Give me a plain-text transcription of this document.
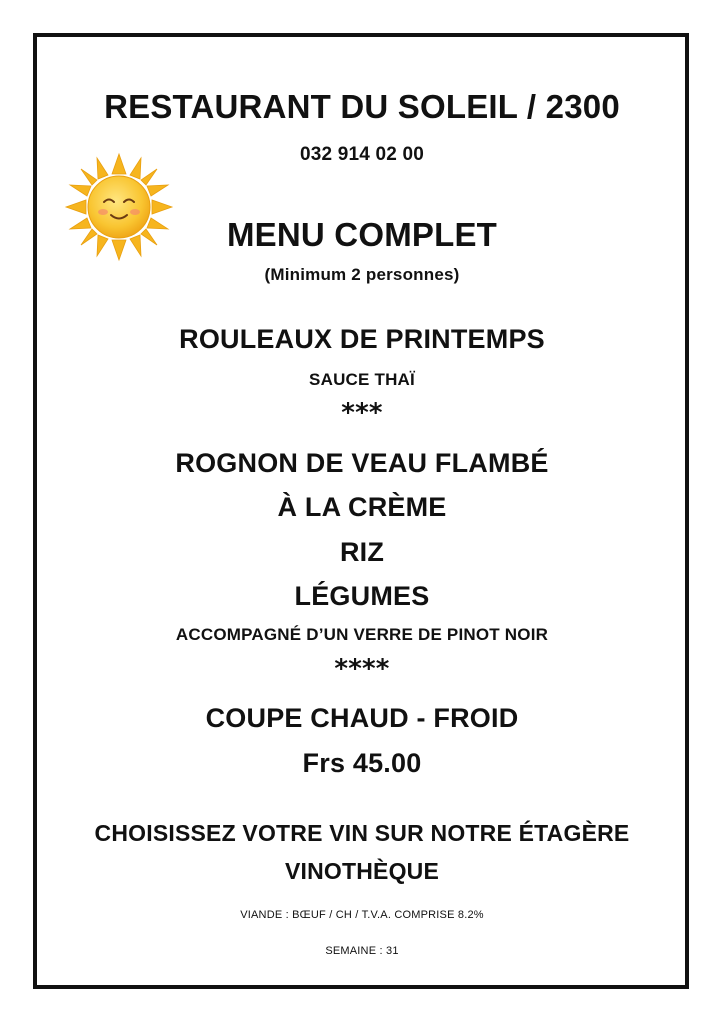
RESTAURANT DU SOLEIL / 2300
032 914 02 00
MENU COMPLET
(Minimum 2 personnes)
ROULEAUX DE PRINTEMPS
SAUCE THAÏ
***
ROGNON DE VEAU FLAMBÉ
À LA CRÈME
RIZ
LÉGUMES
ACCOMPAGNÉ D’UN VERRE DE PINOT NOIR
****
COUPE CHAUD - FROID
Frs 45.00
CHOISISSEZ VOTRE VIN SUR NOTRE ÉTAGÈRE
VINOTHÈQUE
VIANDE : BŒUF / CH / T.V.A. COMPRISE 8.2%
SEMAINE : 31
